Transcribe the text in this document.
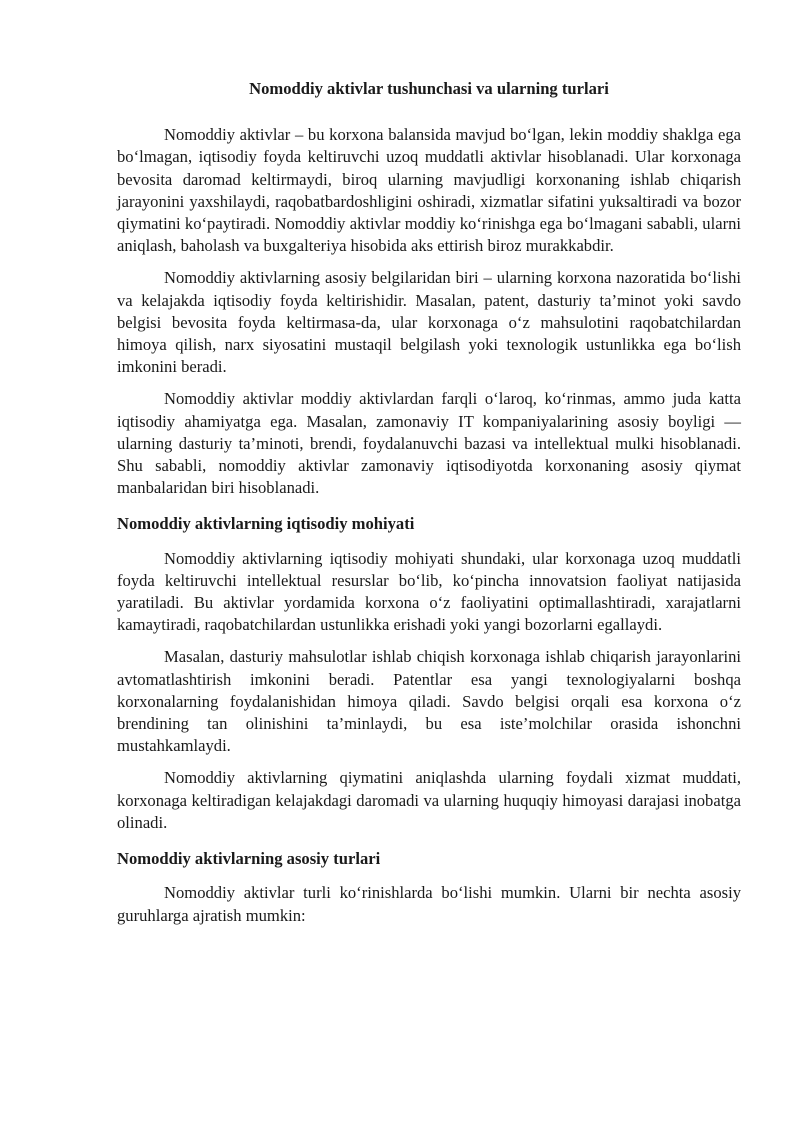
Nomoddiy aktivlar tushunchasi va ularning turlari

Nomoddiy aktivlar – bu korxona balansida mavjud bo‘lgan, lekin moddiy shaklga ega bo‘lmagan, iqtisodiy foyda keltiruvchi uzoq muddatli aktivlar hisoblanadi. Ular korxonaga bevosita daromad keltirmaydi, biroq ularning mavjudligi korxonaning ishlab chiqarish jarayonini yaxshilaydi, raqobatbardoshligini oshiradi, xizmatlar sifatini yuksaltiradi va bozor qiymatini ko‘paytiradi. Nomoddiy aktivlar moddiy ko‘rinishga ega bo‘lmagani sababli, ularni aniqlash, baholash va buxgalteriya hisobida aks ettirish biroz murakkabdir.

Nomoddiy aktivlarning asosiy belgilaridan biri – ularning korxona nazoratida bo‘lishi va kelajakda iqtisodiy foyda keltirishidir. Masalan, patent, dasturiy ta’minot yoki savdo belgisi bevosita foyda keltirmasa-da, ular korxonaga o‘z mahsulotini raqobatchilardan himoya qilish, narx siyosatini mustaqil belgilash yoki texnologik ustunlikka ega bo‘lish imkonini beradi.

Nomoddiy aktivlar moddiy aktivlardan farqli o‘laroq, ko‘rinmas, ammo juda katta iqtisodiy ahamiyatga ega. Masalan, zamonaviy IT kompaniyalarining asosiy boyligi — ularning dasturiy ta’minoti, brendi, foydalanuvchi bazasi va intellektual mulki hisoblanadi. Shu sababli, nomoddiy aktivlar zamonaviy iqtisodiyotda korxonaning asosiy qiymat manbalaridan biri hisoblanadi.

Nomoddiy aktivlarning iqtisodiy mohiyati

Nomoddiy aktivlarning iqtisodiy mohiyati shundaki, ular korxonaga uzoq muddatli foyda keltiruvchi intellektual resurslar bo‘lib, ko‘pincha innovatsion faoliyat natijasida yaratiladi. Bu aktivlar yordamida korxona o‘z faoliyatini optimallashtiradi, xarajatlarni kamaytiradi, raqobatchilardan ustunlikka erishadi yoki yangi bozorlarni egallaydi.

Masalan, dasturiy mahsulotlar ishlab chiqish korxonaga ishlab chiqarish jarayonlarini avtomatlashtirish imkonini beradi. Patentlar esa yangi texnologiyalarni boshqa korxonalarning foydalanishidan himoya qiladi. Savdo belgisi orqali esa korxona o‘z brendining tan olinishini ta’minlaydi, bu esa iste’molchilar orasida ishonchni mustahkamlaydi.

Nomoddiy aktivlarning qiymatini aniqlashda ularning foydali xizmat muddati, korxonaga keltiradigan kelajakdagi daromadi va ularning huquqiy himoyasi darajasi inobatga olinadi.

Nomoddiy aktivlarning asosiy turlari

Nomoddiy aktivlar turli ko‘rinishlarda bo‘lishi mumkin. Ularni bir nechta asosiy guruhlarga ajratish mumkin:
